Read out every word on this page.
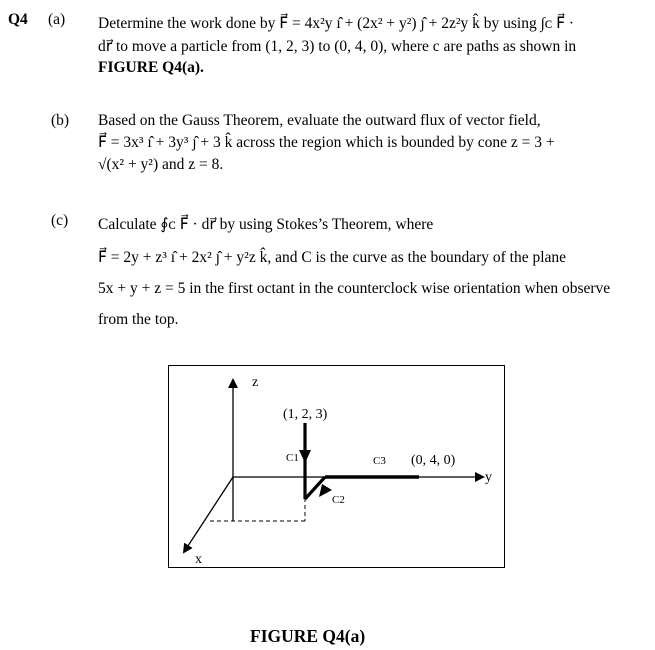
Q4 (a) Determine the work done by F⃗ = 4x²y ı̂ + (2x² + y²) ȷ̂ + 2z²y k̂ by using ∫ᴄ F⃗ ·
dr⃗ to move a particle from (1, 2, 3) to (0, 4, 0), where c are paths as shown in
FIGURE Q4(a).
(b) Based on the Gauss Theorem, evaluate the outward flux of vector field,
F⃗ = 3x³ ı̂ + 3y³ ȷ̂ + 3 k̂ across the region which is bounded by cone z = 3 +
√(x² + y²) and z = 8.
(c) Calculate ∮ᴄ F⃗ · dr⃗ by using Stokes’s Theorem, where
F⃗ = 2y + z³ ı̂ + 2x² ȷ̂ + y²z k̂, and C is the curve as the boundary of the plane
5x + y + z = 5 in the first octant in the counterclock wise orientation when observe
from the top.
z
(1, 2, 3)
C1	C3 (0, 4, 0)
y
C2
x
FIGURE Q4(a)
